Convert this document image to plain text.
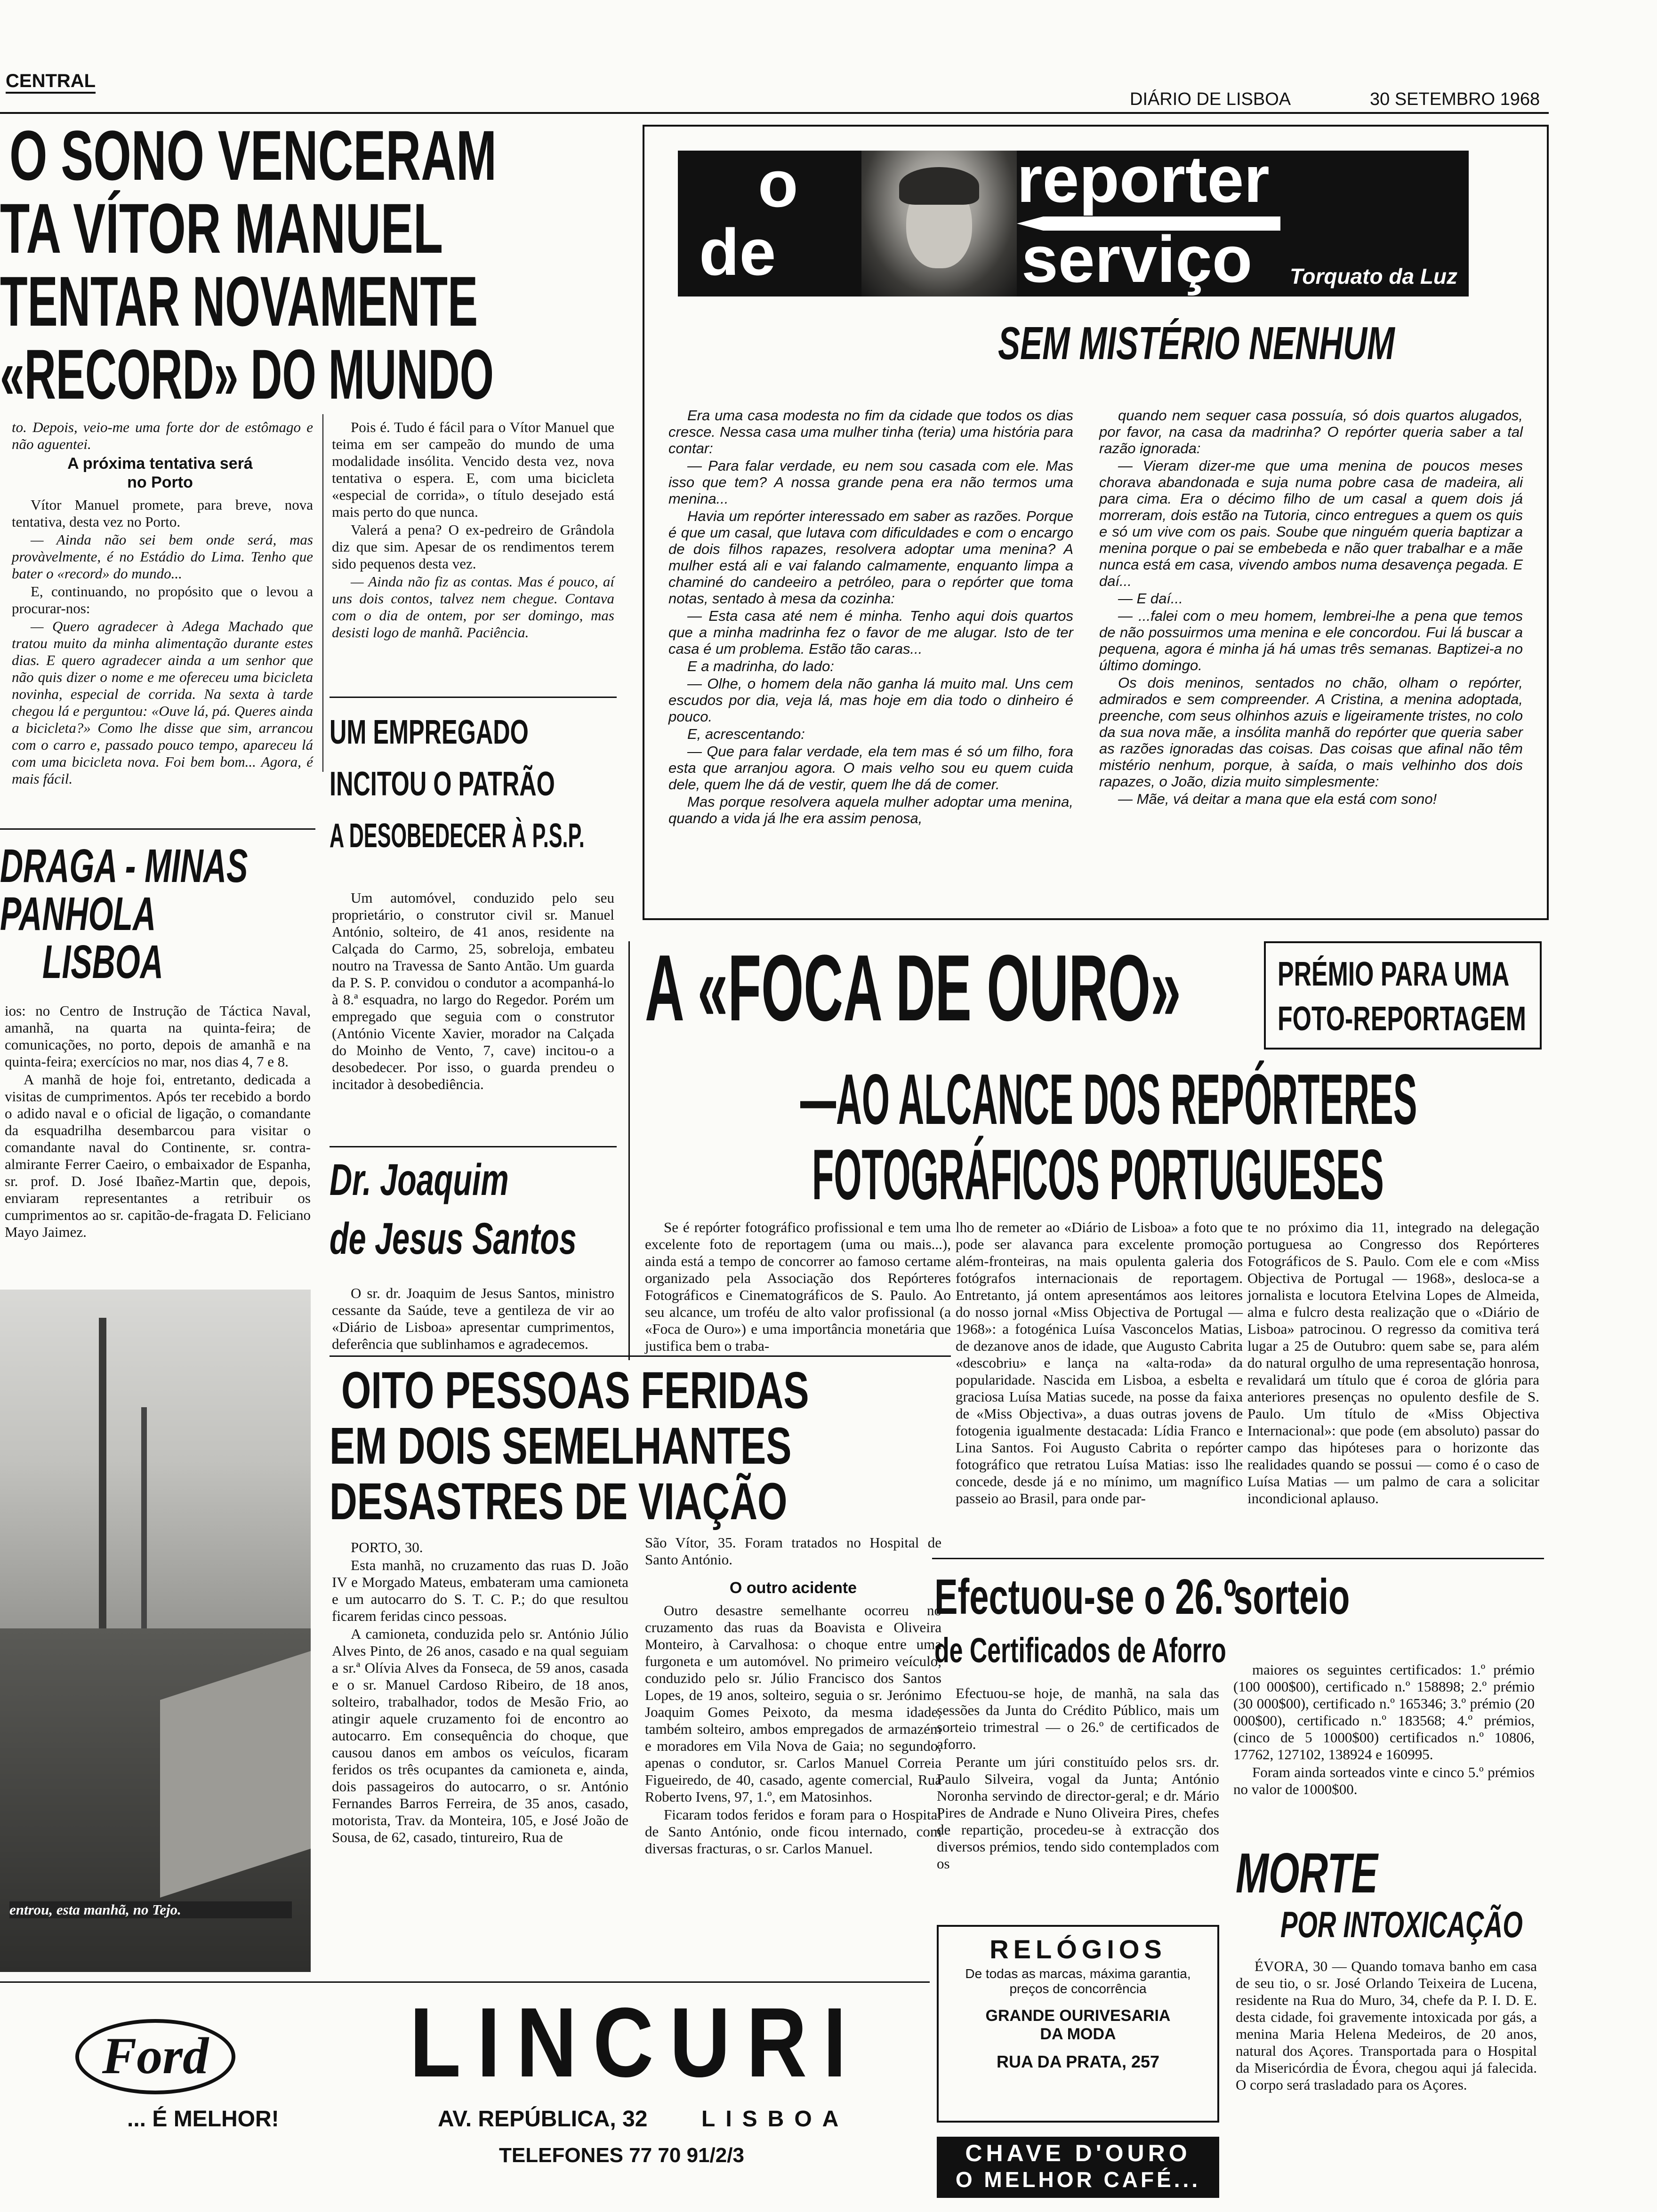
CENTRAL
DIÁRIO DE LISBOA	30 SETEMBRO 1968
O SONO VENCERAM
TA VÍTOR MANUEL
TENTAR NOVAMENTE
«RECORD» DO MUNDO
to. Depois, veio-me uma forte dor de estômago e não aguentei.
A próxima tentativa será no Porto

Vítor Manuel promete, para breve, nova tentativa, desta vez no Porto.

— Ainda não sei bem onde será, mas provàvelmente, é no Estádio do Lima. Tenho que bater o «record» do mundo...

E, continuando, no propósito que o levou a procurar-nos:

— Quero agradecer à Adega Machado que tratou muito da minha alimentação durante estes dias. E quero agradecer ainda a um senhor que não quis dizer o nome e me ofereceu uma bicicleta novinha, especial de corrida. Na sexta à tarde chegou lá e perguntou: «Ouve lá, pá. Queres ainda a bicicleta?» Como lhe disse que sim, arrancou com o carro e, passado pouco tempo, apareceu lá com uma bicicleta nova. Foi bem bom... Agora, é mais fácil.

Pois é. Tudo é fácil para o Vítor Manuel que teima em ser campeão do mundo de uma modalidade insólita. Vencido desta vez, nova tentativa o espera. E, com uma bicicleta «especial de corrida», o título desejado está mais perto do que nunca.

Valerá a pena? O ex-pedreiro de Grândola diz que sim. Apesar de os rendimentos terem sido pequenos desta vez.

— Ainda não fiz as contas. Mas é pouco, aí uns dois contos, talvez nem chegue. Contava com o dia de ontem, por ser domingo, mas desisti logo de manhã. Paciência.

o
de
reporter
serviço Torquato da Luz
SEM MISTÉRIO NENHUM

Era uma casa modesta no fim da cidade que todos os dias cresce. Nessa casa uma mulher tinha (teria) uma história para contar:

— Para falar verdade, eu nem sou casada com ele. Mas isso que tem? A nossa grande pena era não termos uma menina...

Havia um repórter interessado em saber as razões. Porque é que um casal, que lutava com dificuldades e com o encargo de dois filhos rapazes, resolvera adoptar uma menina? A mulher está ali e vai falando calmamente, enquanto limpa a chaminé do candeeiro a petróleo, para o repórter que toma notas, sentado à mesa da cozinha:

— Esta casa até nem é minha. Tenho aqui dois quartos que a minha madrinha fez o favor de me alugar. Isto de ter casa é um problema. Estão tão caras...

E a madrinha, do lado:

— Olhe, o homem dela não ganha lá muito mal. Uns cem escudos por dia, veja lá, mas hoje em dia todo o dinheiro é pouco.

E, acrescentando:

— Que para falar verdade, ela tem mas é só um filho, fora esta que arranjou agora. O mais velho sou eu quem cuida dele, quem lhe dá de vestir, quem lhe dá de comer.

Mas porque resolvera aquela mulher adoptar uma menina, quando a vida já lhe era assim penosa,

quando nem sequer casa possuía, só dois quartos alugados, por favor, na casa da madrinha? O repórter queria saber a tal razão ignorada:

— Vieram dizer-me que uma menina de poucos meses chorava abandonada e suja numa pobre casa de madeira, ali para cima. Era o décimo filho de um casal a quem dois já morreram, dois estão na Tutoria, cinco entregues a quem os quis e só um vive com os pais. Soube que ninguém queria baptizar a menina porque o pai se embebeda e não quer trabalhar e a mãe nunca está em casa, vivendo ambos numa desavença pegada. E daí...

— E daí...

— ...falei com o meu homem, lembrei-lhe a pena que temos de não possuirmos uma menina e ele concordou. Fui lá buscar a pequena, agora é minha já há umas três semanas. Baptizei-a no último domingo.

Os dois meninos, sentados no chão, olham o repórter, admirados e sem compreender. A Cristina, a menina adoptada, preenche, com seus olhinhos azuis e ligeiramente tristes, no colo da sua nova mãe, a insólita manhã do repórter que queria saber as razões ignoradas das coisas. Das coisas que afinal não têm mistério nenhum, porque, à saída, o mais velhinho dos dois rapazes, o João, dizia muito simplesmente:

— Mãe, vá deitar a mana que ela está com sono!

DRAGA - MINAS
PANHOLA
LISBOA

ios: no Centro de Instrução de Táctica Naval, amanhã, na quarta na quinta-feira; de comunicações, no porto, depois de amanhã e na quinta-feira; exercícios no mar, nos dias 4, 7 e 8.

A manhã de hoje foi, entretanto, dedicada a visitas de cumprimentos. Após ter recebido a bordo o adido naval e o oficial de ligação, o comandante da esquadrilha desembarcou para visitar o comandante naval do Continente, sr. contra-almirante Ferrer Caeiro, o embaixador de Espanha, sr. prof. D. José Ibañez-Martin que, depois, enviaram representantes a retribuir os cumprimentos ao sr. capitão-de-fragata D. Feliciano Mayo Jaimez.

entrou, esta manhã, no Tejo.
UM EMPREGADO
INCITOU O PATRÃO
A DESOBEDECER À P.S.P.

Um automóvel, conduzido pelo seu proprietário, o construtor civil sr. Manuel António, solteiro, de 41 anos, residente na Calçada do Carmo, 25, sobreloja, embateu noutro na Travessa de Santo Antão. Um guarda da P. S. P. convidou o condutor a acompanhá-lo à 8.ª esquadra, no largo do Regedor. Porém um empregado que seguia com o construtor (António Vicente Xavier, morador na Calçada do Moinho de Vento, 7, cave) incitou-o a desobedecer. Por isso, o guarda prendeu o incitador à desobediência.

Dr. Joaquim
de Jesus Santos

O sr. dr. Joaquim de Jesus Santos, ministro cessante da Saúde, teve a gentileza de vir ao «Diário de Lisboa» apresentar cumprimentos, deferência que sublinhamos e agradecemos.

A «FOCA DE OURO»	PRÉMIO PARA UMA
FOTO-REPORTAGEM
—AO ALCANCE DOS REPÓRTERES
FOTOGRÁFICOS PORTUGUESES

Se é repórter fotográfico profissional e tem uma excelente foto de reportagem (uma ou mais...), ainda está a tempo de concorrer ao famoso certame organizado pela Associação dos Repórteres Fotográficos e Cinematográficos de S. Paulo. Ao seu alcance, um troféu de alto valor profissional (a «Foca de Ouro») e uma importância monetária que justifica bem o traba-

lho de remeter ao «Diário de Lisboa» a foto que pode ser alavanca para excelente promoção além-fronteiras, na mais opulenta galeria dos fotógrafos internacionais de reportagem. Entretanto, já ontem apresentámos aos leitores do nosso jornal «Miss Objectiva de Portugal — 1968»: a fotogénica Luísa Vasconcelos Matias, de dezanove anos de idade, que Augusto Cabrita «descobriu» e lança na «alta-roda» da popularidade. Nascida em Lisboa, a esbelta e graciosa Luísa Matias sucede, na posse da faixa de «Miss Objectiva», a duas outras jovens de fotogenia igualmente destacada: Lídia Franco e Lina Santos. Foi Augusto Cabrita o repórter fotográfico que retratou Luísa Matias: isso lhe concede, desde já e no mínimo, um magnífico passeio ao Brasil, para onde par-

te no próximo dia 11, integrado na delegação portuguesa ao Congresso dos Repórteres Fotográficos de S. Paulo. Com ele e com «Miss Objectiva de Portugal — 1968», desloca-se a jornalista e locutora Etelvina Lopes de Almeida, alma e fulcro desta realização que o «Diário de Lisboa» patrocinou. O regresso da comitiva terá lugar a 25 de Outubro: quem sabe se, para além do natural orgulho de uma representação honrosa, revalidará um título que é coroa de glória para anteriores presenças no opulento desfile de S. Paulo. Um título de «Miss Objectiva Internacional»: que pode (em absoluto) passar do campo das hipóteses para o horizonte das realidades quando se possui — como é o caso de Luísa Matias — um palmo de cara a solicitar incondicional aplauso.

OITO PESSOAS FERIDAS
EM DOIS SEMELHANTES
DESASTRES DE VIAÇÃO

PORTO, 30.

Esta manhã, no cruzamento das ruas D. João IV e Morgado Mateus, embateram uma camioneta e um autocarro do S. T. C. P.; do que resultou ficarem feridas cinco pessoas.

A camioneta, conduzida pelo sr. António Júlio Alves Pinto, de 26 anos, casado e na qual seguiam a sr.ª Olívia Alves da Fonseca, de 59 anos, casada e o sr. Manuel Cardoso Ribeiro, de 18 anos, solteiro, trabalhador, todos de Mesão Frio, ao atingir aquele cruzamento foi de encontro ao autocarro. Em consequência do choque, que causou danos em ambos os veículos, ficaram feridos os três ocupantes da camioneta e, ainda, dois passageiros do autocarro, o sr. António Fernandes Barros Ferreira, de 35 anos, casado, motorista, Trav. da Monteira, 105, e José João de Sousa, de 62, casado, tintureiro, Rua de

São Vítor, 35. Foram tratados no Hospital de Santo António.

O outro acidente

Outro desastre semelhante ocorreu no cruzamento das ruas da Boavista e Oliveira Monteiro, à Carvalhosa: o choque entre uma furgoneta e um automóvel. No primeiro veículo, conduzido pelo sr. Júlio Francisco dos Santos Lopes, de 19 anos, solteiro, seguia o sr. Jerónimo Joaquim Gomes Peixoto, da mesma idade, também solteiro, ambos empregados de armazém e moradores em Vila Nova de Gaia; no segundo, apenas o condutor, sr. Carlos Manuel Correia Figueiredo, de 40, casado, agente comercial, Rua Roberto Ivens, 97, 1.º, em Matosinhos.

Ficaram todos feridos e foram para o Hospital de Santo António, onde ficou internado, com diversas fracturas, o sr. Carlos Manuel.

Efectuou-se o 26.º
sorteio
de Certificados de Aforro

Efectuou-se hoje, de manhã, na sala das sessões da Junta do Crédito Público, mais um sorteio trimestral — o 26.º de certificados de aforro.

Perante um júri constituído pelos srs. dr. Paulo Silveira, vogal da Junta; António Noronha servindo de director-geral; e dr. Mário Pires de Andrade e Nuno Oliveira Pires, chefes de repartição, procedeu-se à extracção dos diversos prémios, tendo sido contemplados com os

maiores os seguintes certificados: 1.º prémio (100 000$00), certificado n.º 158898; 2.º prémio (30 000$00), certificado n.º 165346; 3.º prémio (20 000$00), certificado n.º 183568; 4.º prémios, (cinco de 5 1000$00) certificados n.º 10806, 17762, 127102, 138924 e 160995.

Foram ainda sorteados vinte e cinco 5.º prémios no valor de 1000$00.

RELÓGIOS
De todas as marcas, máxima garantia, preços de concorrência
GRANDE OURIVESARIA
DA MODA
RUA DA PRATA, 257
CHAVE D'OURO
O MELHOR CAFÉ...
MORTE
POR INTOXICAÇÃO

ÉVORA, 30 — Quando tomava banho em casa de seu tio, o sr. José Orlando Teixeira de Lucena, residente na Rua do Muro, 34, chefe da P. I. D. E. desta cidade, foi gravemente intoxicada por gás, a menina Maria Helena Medeiros, de 20 anos, natural dos Açores. Transportada para o Hospital da Misericórdia de Évora, chegou aqui já falecida. O corpo será trasladado para os Açores.

Ford
... É MELHOR!
LINCURI
AV. REPÚBLICA, 32 LISBOA
TELEFONES 77 70 91/2/3
